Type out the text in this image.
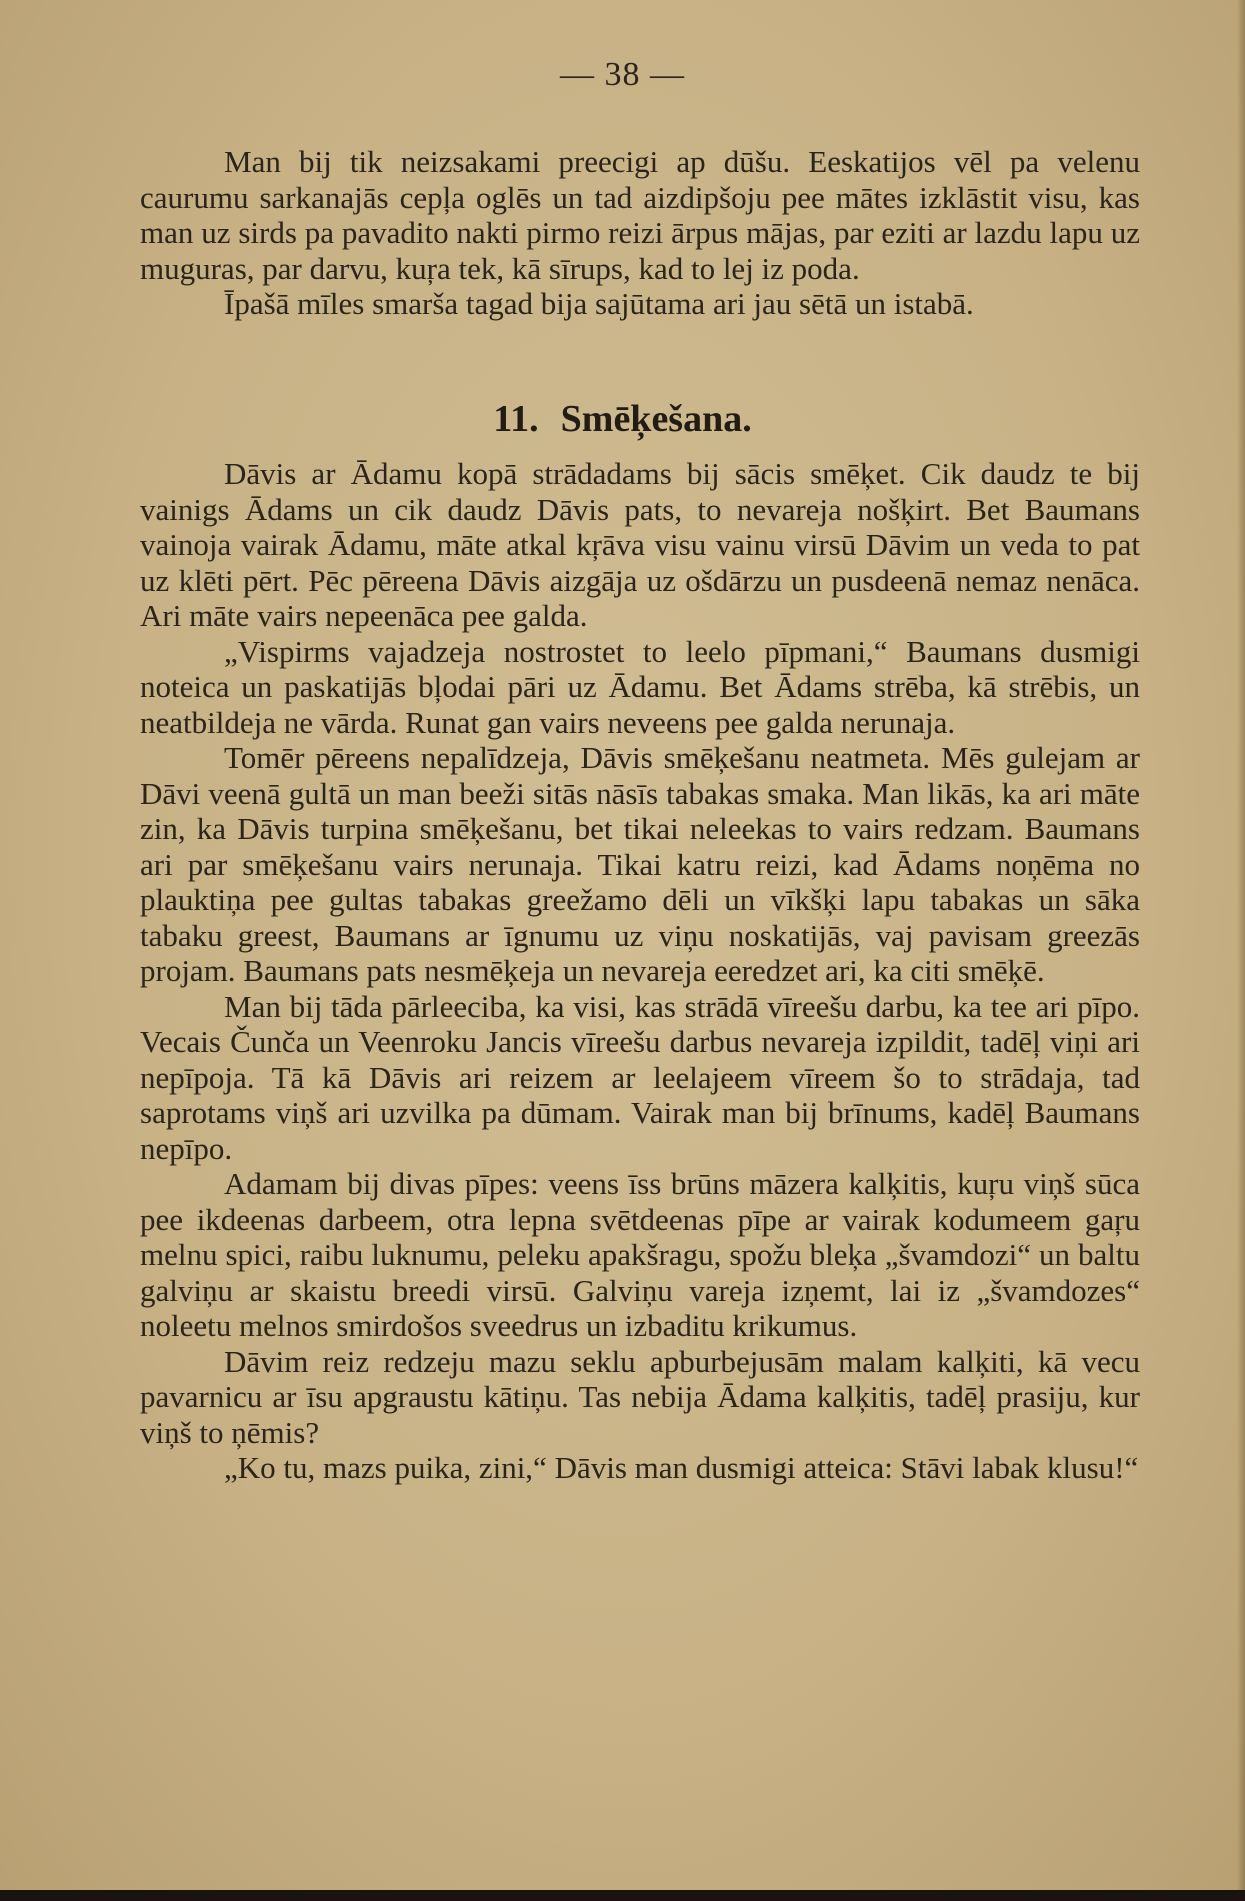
— 38 —

Man bij tik neizsakami preecigi ap dūšu. Eeskatijos vēl pa velenu caurumu sarkanajās cepļa oglēs un tad aizdipšoju pee mātes izklāstit visu, kas man uz sirds pa pavadito nakti pirmo reizi ārpus mājas, par eziti ar lazdu lapu uz muguras, par darvu, kuŗa tek, kā sīrups, kad to lej iz poda.

Īpašā mīles smarša tagad bija sajūtama ari jau sētā un istabā.

11. Smēķešana.

Dāvis ar Ādamu kopā strādadams bij sācis smēķet. Cik daudz te bij vainigs Ādams un cik daudz Dāvis pats, to nevareja nošķirt. Bet Baumans vainoja vairak Ādamu, māte atkal kŗāva visu vainu virsū Dāvim un veda to pat uz klēti pērt. Pēc pēreena Dāvis aizgāja uz ošdārzu un pusdeenā nemaz nenāca. Ari māte vairs nepeenāca pee galda.

„Vispirms vajadzeja nostrostet to leelo pīpmani,“ Baumans dusmigi noteica un paskatijās bļodai pāri uz Ādamu. Bet Ādams strēba, kā strēbis, un neatbildeja ne vārda. Runat gan vairs neveens pee galda nerunaja.

Tomēr pēreens nepalīdzeja, Dāvis smēķešanu neatmeta. Mēs gulejam ar Dāvi veenā gultā un man beeži sitās nāsīs tabakas smaka. Man likās, ka ari māte zin, ka Dāvis turpina smēķešanu, bet tikai neleekas to vairs redzam. Baumans ari par smēķešanu vairs nerunaja. Tikai katru reizi, kad Ādams noņēma no plauktiņa pee gultas tabakas greežamo dēli un vīkšķi lapu tabakas un sāka tabaku greest, Baumans ar īgnumu uz viņu noskatijās, vaj pavisam greezās projam. Baumans pats nesmēķeja un nevareja eeredzet ari, ka citi smēķē.

Man bij tāda pārleeciba, ka visi, kas strādā vīreešu darbu, ka tee ari pīpo. Vecais Čunča un Veenroku Jancis vīreešu darbus nevareja izpildit, tadēļ viņi ari nepīpoja. Tā kā Dāvis ari reizem ar leelajeem vīreem šo to strādaja, tad saprotams viņš ari uzvilka pa dūmam. Vairak man bij brīnums, kadēļ Baumans nepīpo.

Adamam bij divas pīpes: veens īss brūns māzera kalķitis, kuŗu viņš sūca pee ikdeenas darbeem, otra lepna svētdeenas pīpe ar vairak kodumeem gaŗu melnu spici, raibu luknumu, peleku apakšragu, spožu bleķa „švamdozi“ un baltu galviņu ar skaistu breedi virsū. Galviņu vareja izņemt, lai iz „švamdozes“ noleetu melnos smirdošos sveedrus un izbaditu krikumus.

Dāvim reiz redzeju mazu seklu apburbejusām malam kalķiti, kā vecu pavarnicu ar īsu apgraustu kātiņu. Tas nebija Ādama kalķitis, tadēļ prasiju, kur viņš to ņēmis?

„Ko tu, mazs puika, zini,“ Dāvis man dusmigi atteica: Stāvi labak klusu!“
